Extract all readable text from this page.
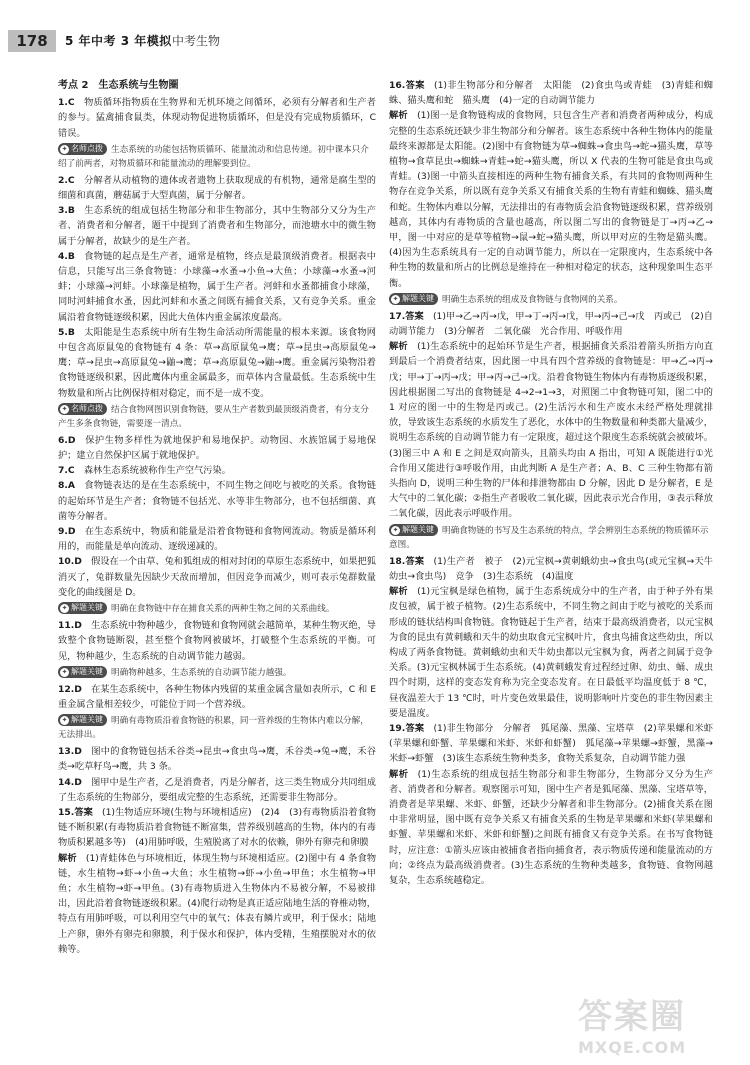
178	5 年中考 3 年模拟 中考生物
考点 2　生态系统与生物圈
1.C  物质循环指物质在生物界和无机环境之间循环，必须有分解者和生产者的参与。猛禽捕食鼠类，体现动物促进物质循环，但是没有完成物质循环，C 错误。
✦ 名师点拨 生态系统的功能包括物质循环、能量流动和信息传递。初中课本只介绍了前两者，对物质循环和能量流动的理解要到位。
2.C  分解者从动植物的遗体或者遗物上获取现成的有机物，通常是腐生型的细菌和真菌，蘑菇属于大型真菌，属于分解者。
3.B  生态系统的组成包括生物部分和非生物部分，其中生物部分又分为生产者、消费者和分解者，题干中提到了消费者和生物部分，而池塘水中的微生物属于分解者，故缺少的是生产者。
4.B  食物链的起点是生产者，通常是植物，终点是最顶级消费者。根据表中信息，只能写出三条食物链：小球藻→水蚤→小鱼→大鱼；小球藻→水蚤→河蚌；小球藻→河蚌。小球藻是植物，属于生产者。河蚌和水蚤都捕食小球藻，同时河蚌捕食水蚤，因此河蚌和水蚤之间既有捕食关系，又有竞争关系。重金属沿着食物链逐级积累，因此大鱼体内重金属浓度最高。
5.B  太阳能是生态系统中所有生物生命活动所需能量的根本来源。该食物网中包含高原鼠兔的食物链有 4 条：草→高原鼠兔→鹰；草→昆虫→高原鼠兔→鹰；草→昆虫→高原鼠兔→鼬→鹰；草→高原鼠兔→鼬→鹰。重金属污染物沿着食物链逐级积累，因此鹰体内重金属最多，而草体内含量最低。生态系统中生物数量和所占比例保持相对稳定，而不是一成不变。
✦ 名师点拨 结合食物网图识别食物链，要从生产者数到最顶级消费者，有分支分产生多条食物链，需要逐一清点。
6.D  保护生物多样性为就地保护和易地保护。动物园、水族馆属于易地保护；建立自然保护区属于就地保护。
7.C  森林生态系统被称作生产空气污染。
8.A  食物链表达的是在生态系统中，不同生物之间吃与被吃的关系。食物链的起始环节是生产者；食物链不包括光、水等非生物部分，也不包括细菌、真菌等分解者。
9.D  在生态系统中，物质和能量是沿着食物链和食物网流动。物质是循环利用的，而能量是单向流动、逐级递减的。
10.D  假设在一个由草、兔和狐组成的相对封闭的草原生态系统中，如果把狐消灭了，兔群数量先因缺少天敌而增加，但因竞争而减少，则可表示兔群数量变化的曲线图是 D。
✦ 解题关键 明确在食物链中存在捕食关系的两种生物之间的关系曲线。
11.D  生态系统中物种越少，食物链和食物网就会越简单，某种生物灭绝，导致整个食物链断裂，甚至整个食物网被破坏，打破整个生态系统的平衡。可见，物种越少，生态系统的自动调节能力越弱。
✦ 解题关键 明确物种越多，生态系统的自动调节能力越强。
12.D  在某生态系统中，各种生物体内残留的某重金属含量如表所示，C 和 E 重金属含量相差较少，可能位于同一个营养级。
✦ 解题关键 明确有毒物质沿着食物链的积累，同一营养级的生物体内难以分解，无法排出。
13.D  图中的食物链包括禾谷类→昆虫→食虫鸟→鹰，禾谷类→兔→鹰，禾谷类→吃草籽鸟→鹰，共 3 条。
14.D  图甲中是生产者，乙是消费者，丙是分解者，这三类生物成分共同组成了生态系统的生物部分，要组成完整的生态系统，还需要非生物部分。
15.答案  (1)生物适应环境(生物与环境相适应)　(2)4　(3)有毒物质沿着食物链不断积累(有毒物质沿着食物链不断富集，营养级别越高的生物，体内的有毒物质积累越多等)　(4)用肺呼吸，生殖脱离了对水的依赖，卵外有卵壳和卵膜
解析  (1)青蛙体色与环境相近，体现生物与环境相适应。(2)图中有 4 条食物链，水生植物→虾→小鱼→大鱼；水生植物→虾→小鱼→甲鱼；水生植物→甲鱼；水生植物→虾→甲鱼。(3)有毒物质进入生物体内不易被分解，不易被排出，因此沿着食物链逐级积累。(4)爬行动物是真正适应陆地生活的脊椎动物，特点有用肺呼吸，可以利用空气中的氧气；体表有鳞片或甲，利于保水；陆地上产卵，卵外有卵壳和卵膜，利于保水和保护，体内受精，生殖摆脱对水的依赖等。
16.答案  (1)非生物部分和分解者　太阳能　(2)食虫鸟或青蛙　(3)青蛙和蜘蛛、猫头鹰和蛇　猫头鹰　(4)一定的自动调节能力
解析  (1)图一是食物链构成的食物网，只包含生产者和消费者两种成分，构成完整的生态系统还缺少非生物部分和分解者。该生态系统中各种生物体内的能量最终来源都是太阳能。(2)图中有食物链为草→蜘蛛→食虫鸟→蛇→猫头鹰，草等植物→食草昆虫→蜘蛛→青蛙→蛇→猫头鹰，所以 X 代表的生物可能是食虫鸟或青蛙。(3)图一中箭头直接相连的两种生物有捕食关系，有共同的食物则两种生物存在竞争关系，所以既有竞争关系又有捕食关系的生物有青蛙和蜘蛛、猫头鹰和蛇。生物体内难以分解，无法排出的有毒物质会沿食物链逐级积累，营养级别越高，其体内有毒物质的含量也越高，所以图二写出的食物链是丁→丙→乙→甲，图一中对应的是草等植物→鼠→蛇→猫头鹰，所以甲对应的生物是猫头鹰。(4)因为生态系统具有一定的自动调节能力，所以在一定限度内，生态系统中各种生物的数量和所占的比例总是维持在一种相对稳定的状态，这种现象叫生态平衡。
✦ 解题关键 明确生态系统的组成及食物链与食物网的关系。
17.答案  (1)甲→乙→丙→戊，甲→丁→丙→戊，甲→丙→己→戊　丙或己　(2)自动调节能力　(3)分解者　二氧化碳　光合作用、呼吸作用
解析  (1)生态系统中的起始环节是生产者，根据捕食关系沿着箭头所指方向直到最后一个消费者结束，因此图一中具有四个营养级的食物链是：甲→乙→丙→戊；甲→丁→丙→戊；甲→丙→己→戊。沿着食物链生物体内有毒物质逐级积累，因此根据图二写出的食物链是 4→2→1→3，对照图二中食物链可知，图二中的 1 对应的图一中的生物是丙或己。(2)生活污水和生产废水未经严格处理就排放，导致该生态系统的水质发生了恶化，水体中的生物数量和种类都大量减少，说明生态系统的自动调节能力有一定限度，超过这个限度生态系统就会被破坏。(3)图三中 A 和 E 之间是双向箭头，且箭头均由 A 指出，可知 A 既能进行①光合作用又能进行③呼吸作用，由此判断 A 是生产者；A、B、C 三种生物都有箭头指向 D，说明三种生物的尸体和排泄物都由 D 分解，因此 D 是分解者，E 是大气中的二氧化碳；②指生产者吸收二氧化碳，因此表示光合作用，③表示释放二氧化碳，因此表示呼吸作用。
✦ 解题关键 明确食物链的书写及生态系统的特点，学会辨别生态系统的物质循环示意图。
18.答案  (1)生产者　被子　(2)元宝枫→黄刺蛾幼虫→食虫鸟(或元宝枫→天牛幼虫→食虫鸟)　竞争　(3)生态系统　(4)温度
解析  (1)元宝枫是绿色植物，属于生态系统成分中的生产者，由于种子外有果皮包被，属于被子植物。(2)生态系统中，不同生物之间由于吃与被吃的关系而形成的链状结构叫食物链。食物链起于生产者，结束于最高级消费者，以元宝枫为食的昆虫有黄刺蛾和天牛的幼虫取食元宝枫叶片，食虫鸟捕食这些幼虫，所以构成了两条食物链。黄刺蛾幼虫和天牛幼虫都以元宝枫为食，两者之间属于竞争关系。(3)元宝枫林属于生态系统。(4)黄刺蛾发育过程经过卵、幼虫、蛹、成虫四个时期，这样的变态发育称为完全变态发育。在日最低平均温度低于 8 ℃，昼夜温差大于 13 ℃时，叶片变色效果最佳，说明影响叶片变色的非生物因素主要是温度。
19.答案  (1)非生物部分　分解者　狐尾藻、黑藻、宝塔草　(2)苹果螺和米虾(苹果螺和虾蟹、苹果螺和米虾、米虾和虾蟹)　狐尾藻→苹果螺→虾蟹，黑藻→米虾→虾蟹　(3)该生态系统生物种类多，食物关系复杂，自动调节能力强
解析  (1)生态系统的组成包括生物部分和非生物部分，生物部分又分为生产者、消费者和分解者。观察图示可知，图中生产者是狐尾藻、黑藻、宝塔草等，消费者是苹果螺、米虾、虾蟹，还缺少分解者和非生物部分。(2)捕食关系在图中非常明显，图中既有竞争关系又有捕食关系的生物是苹果螺和米虾(苹果螺和虾蟹、苹果螺和米虾、米虾和虾蟹)之间既有捕食又有竞争关系。在书写食物链时，应注意：①箭头应该由被捕食者指向捕食者，表示物质传递和能量流动的方向；②终点为最高级消费者。(3)生态系统的生物种类越多，食物链、食物网越复杂，生态系统越稳定。
答案圈
MXQE.COM
